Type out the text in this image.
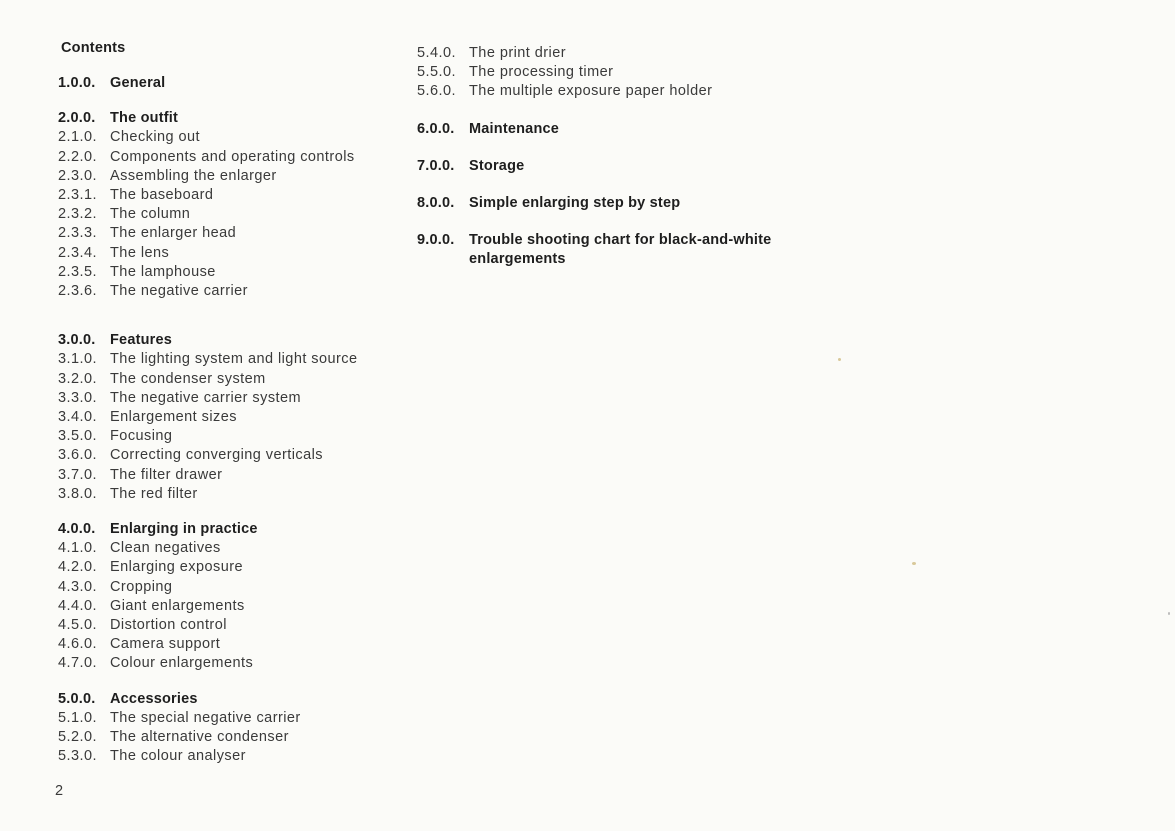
Contents
1.0.0.	General
2.0.0.	The outfit
2.1.0. Checking out
2.2.0. Components and operating controls
2.3.0. Assembling the enlarger
2.3.1. The baseboard
2.3.2. The column
2.3.3. The enlarger head
2.3.4. The lens
2.3.5. The lamphouse
2.3.6. The negative carrier
3.0.0.	Features
3.1.0. The lighting system and light source
3.2.0. The condenser system
3.3.0. The negative carrier system
3.4.0. Enlargement sizes
3.5.0. Focusing
3.6.0. Correcting converging verticals
3.7.0. The filter drawer
3.8.0. The red filter
4.0.0.	Enlarging in practice
4.1.0. Clean negatives
4.2.0. Enlarging exposure
4.3.0. Cropping
4.4.0. Giant enlargements
4.5.0. Distortion control
4.6.0. Camera support
4.7.0. Colour enlargements
5.0.0.	Accessories
5.1.0. The special negative carrier
5.2.0. The alternative condenser
5.3.0. The colour analyser
5.4.0. The print drier
5.5.0. The processing timer
5.6.0. The multiple exposure paper holder
6.0.0.	Maintenance
7.0.0.	Storage
8.0.0.	Simple enlarging step by step
9.0.0.	Trouble shooting chart for black-and-white enlargements
2
